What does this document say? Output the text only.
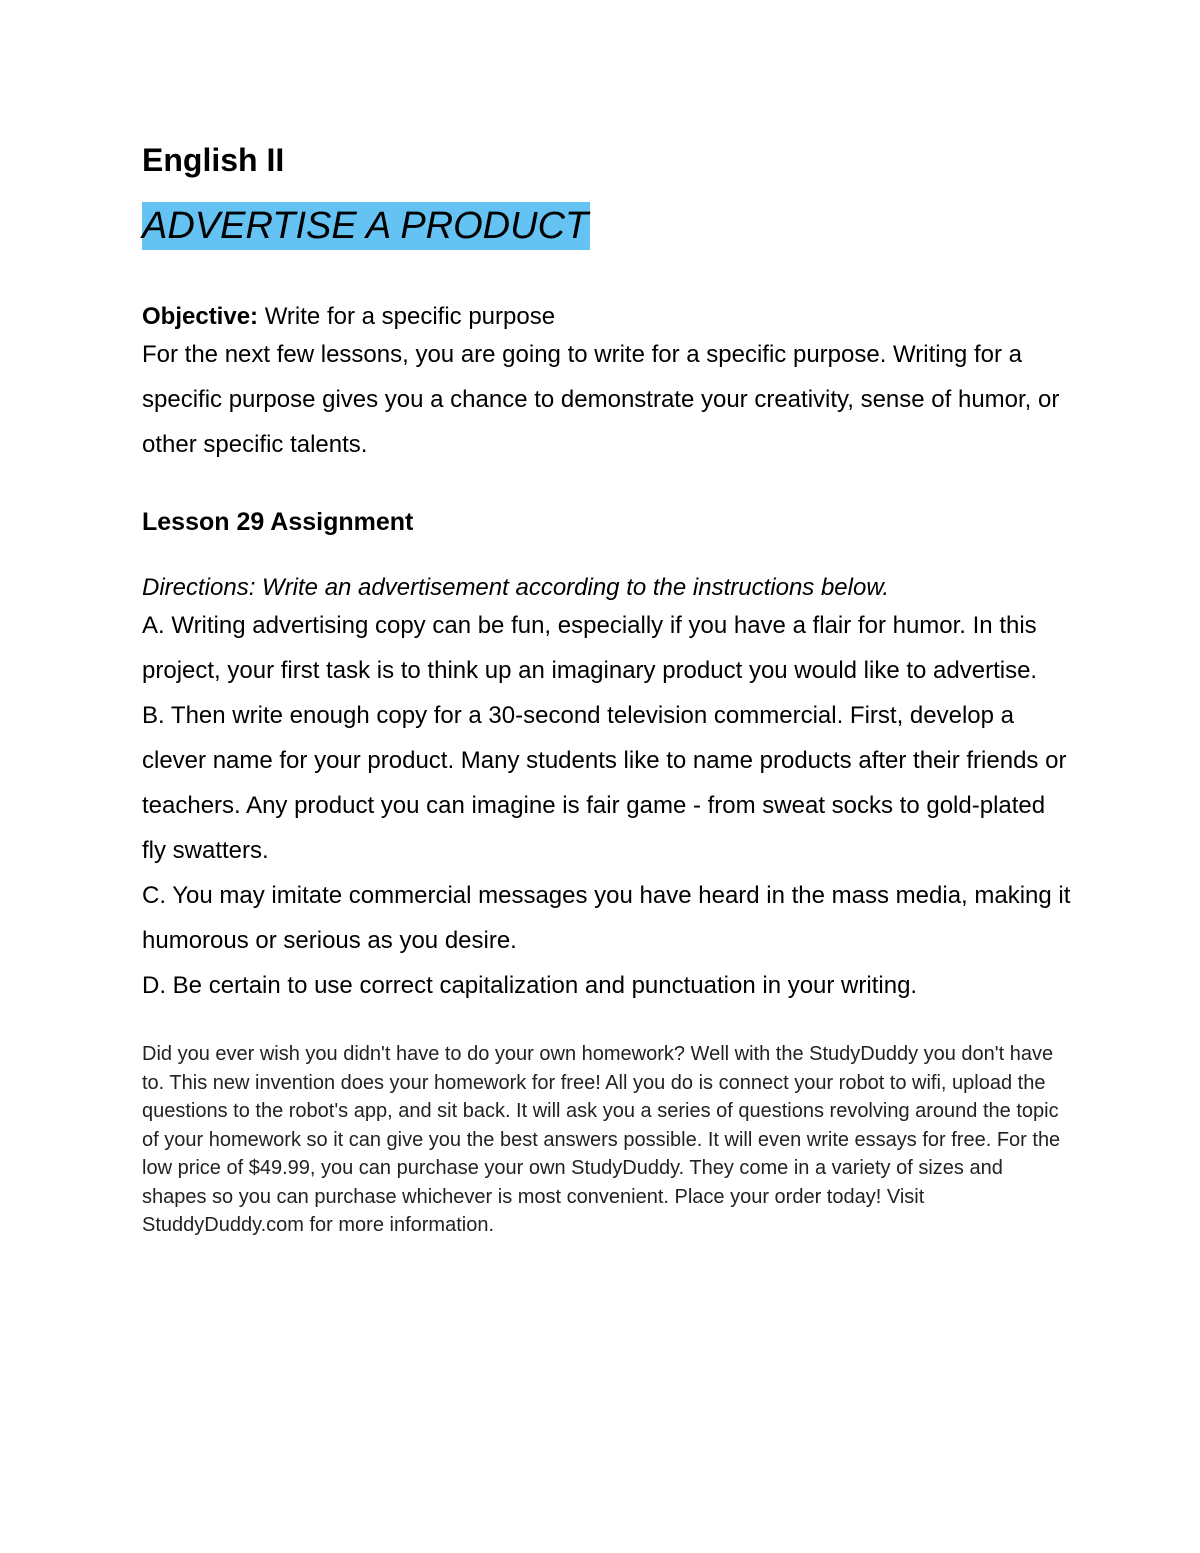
English II
ADVERTISE A PRODUCT
Objective: Write for a specific purpose

For the next few lessons, you are going to write for a specific purpose. Writing for a specific purpose gives you a chance to demonstrate your creativity, sense of humor, or other specific talents.

Lesson 29 Assignment
Directions: Write an advertisement according to the instructions below.

A. Writing advertising copy can be fun, especially if you have a flair for humor. In this project, your first task is to think up an imaginary product you would like to advertise.

B. Then write enough copy for a 30-second television commercial. First, develop a clever name for your product. Many students like to name products after their friends or teachers. Any product you can imagine is fair game - from sweat socks to gold-plated fly swatters.

C. You may imitate commercial messages you have heard in the mass media, making it humorous or serious as you desire.

D. Be certain to use correct capitalization and punctuation in your writing.

Did you ever wish you didn't have to do your own homework? Well with the StudyDuddy you don't have to. This new invention does your homework for free! All you do is connect your robot to wifi, upload the questions to the robot's app, and sit back. It will ask you a series of questions revolving around the topic of your homework so it can give you the best answers possible. It will even write essays for free. For the low price of $49.99, you can purchase your own StudyDuddy. They come in a variety of sizes and shapes so you can purchase whichever is most convenient. Place your order today! Visit StuddyDuddy.com for more information.
